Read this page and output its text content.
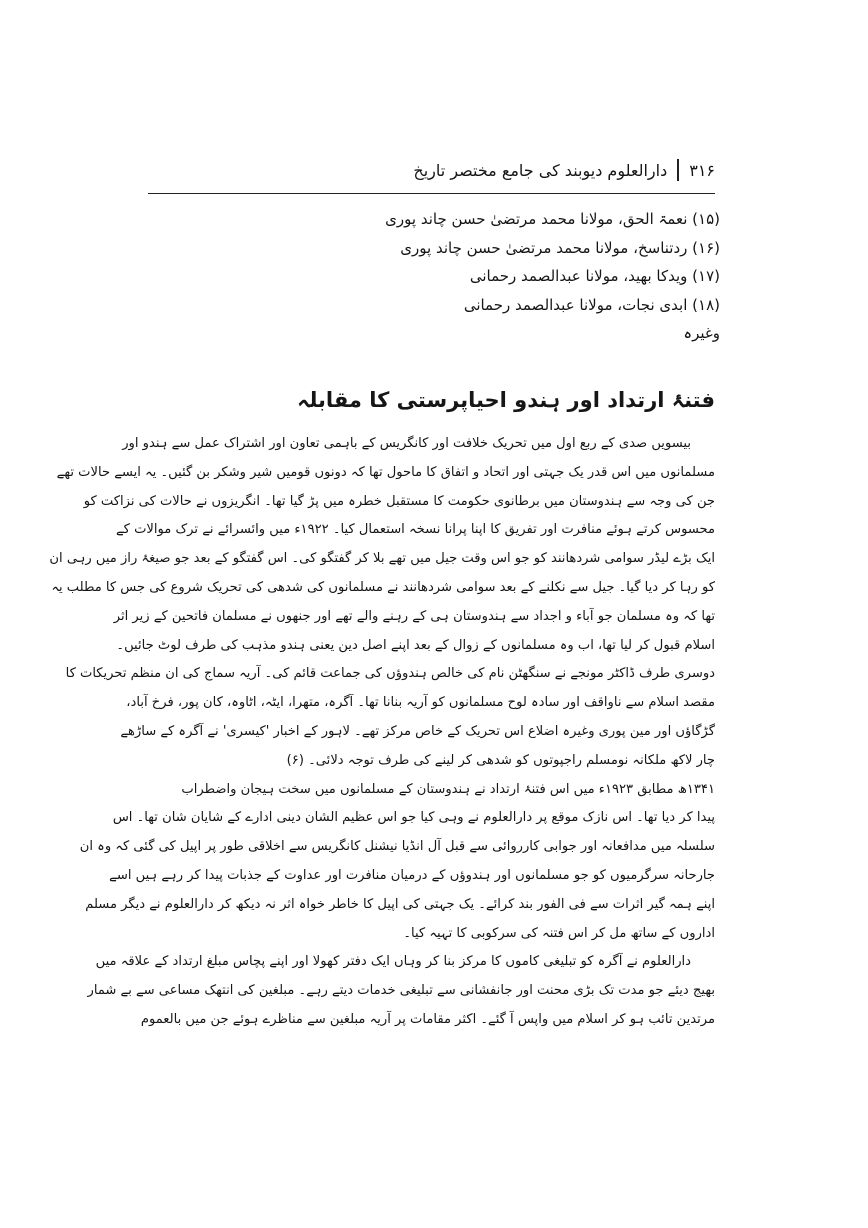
۳۱۶
دارالعلوم دیوبند کی جامع مختصر تاریخ
(۱۵) نعمۃ الحق، مولانا محمد مرتضیٰ حسن چاند پوری
(۱۶) ردتناسخ، مولانا محمد مرتضیٰ حسن چاند پوری
(۱۷) ویدکا بھید، مولانا عبدالصمد رحمانی
(۱۸) ابدی نجات، مولانا عبدالصمد رحمانی
وغیرہ
فتنۂ ارتداد اور ہندو احیاپرستی کا مقابلہ
بیسویں صدی کے ربع اول میں تحریک خلافت اور کانگریس کے باہمی تعاون اور اشتراک عمل سے ہندو اور
مسلمانوں میں اس قدر یک جہتی اور اتحاد و اتفاق کا ماحول تھا کہ دونوں قومیں شیر وشکر بن گئیں۔ یہ ایسے حالات تھے
جن کی وجہ سے ہندوستان میں برطانوی حکومت کا مستقبل خطرہ میں پڑ گیا تھا۔ انگریزوں نے حالات کی نزاکت کو
محسوس کرتے ہوئے منافرت اور تفریق کا اپنا پرانا نسخہ استعمال کیا۔ ۱۹۲۲ء میں وائسرائے نے ترک موالات کے
ایک بڑے لیڈر سوامی شردھانند کو جو اس وقت جیل میں تھے بلا کر گفتگو کی۔ اس گفتگو کے بعد جو صیغۂ راز میں رہی ان
کو رہا کر دیا گیا۔ جیل سے نکلنے کے بعد سوامی شردھانند نے مسلمانوں کی شدھی کی تحریک شروع کی جس کا مطلب یہ
تھا کہ وہ مسلمان جو آباء و اجداد سے ہندوستان ہی کے رہنے والے تھے اور جنھوں نے مسلمان فاتحین کے زیر اثر
اسلام قبول کر لیا تھا، اب وہ مسلمانوں کے زوال کے بعد اپنے اصل دین یعنی ہندو مذہب کی طرف لوٹ جائیں۔
دوسری طرف ڈاکٹر مونجے نے سنگھٹن نام کی خالص ہندوؤں کی جماعت قائم کی۔ آریہ سماج کی ان منظم تحریکات کا
مقصد اسلام سے ناواقف اور سادہ لوح مسلمانوں کو آریہ بنانا تھا۔ آگرہ، متھرا، ایٹہ، اٹاوہ، کان پور، فرخ آباد،
گڑگاؤں اور مین پوری وغیرہ اضلاع اس تحریک کے خاص مرکز تھے۔ لاہور کے اخبار 'کیسری' نے آگرہ کے ساڑھے
چار لاکھ ملکانہ نومسلم راجپوتوں کو شدھی کر لینے کی طرف توجہ دلائی۔ (۶)
۱۳۴۱ھ مطابق ۱۹۲۳ء میں اس فتنۂ ارتداد نے ہندوستان کے مسلمانوں میں سخت ہیجان واضطراب
پیدا کر دیا تھا۔ اس نازک موقع پر دارالعلوم نے وہی کیا جو اس عظیم الشان دینی ادارے کے شایان شان تھا۔ اس
سلسلہ میں مدافعانہ اور جوابی کارروائی سے قبل آل انڈیا نیشنل کانگریس سے اخلاقی طور پر اپیل کی گئی کہ وہ ان
جارحانہ سرگرمیوں کو جو مسلمانوں اور ہندوؤں کے درمیان منافرت اور عداوت کے جذبات پیدا کر رہے ہیں اسے
اپنے ہمہ گیر اثرات سے فی الفور بند کرائے۔ یک جہتی کی اپیل کا خاطر خواہ اثر نہ دیکھ کر دارالعلوم نے دیگر مسلم
اداروں کے ساتھ مل کر اس فتنہ کی سرکوبی کا تہیہ کیا۔
دارالعلوم نے آگرہ کو تبلیغی کاموں کا مرکز بنا کر وہاں ایک دفتر کھولا اور اپنے پچاس مبلغ ارتداد کے علاقہ میں
بھیج دیئے جو مدت تک بڑی محنت اور جانفشانی سے تبلیغی خدمات دیتے رہے۔ مبلغین کی انتھک مساعی سے بے شمار
مرتدین تائب ہو کر اسلام میں واپس آ گئے۔ اکثر مقامات پر آریہ مبلغین سے مناظرے ہوئے جن میں بالعموم
